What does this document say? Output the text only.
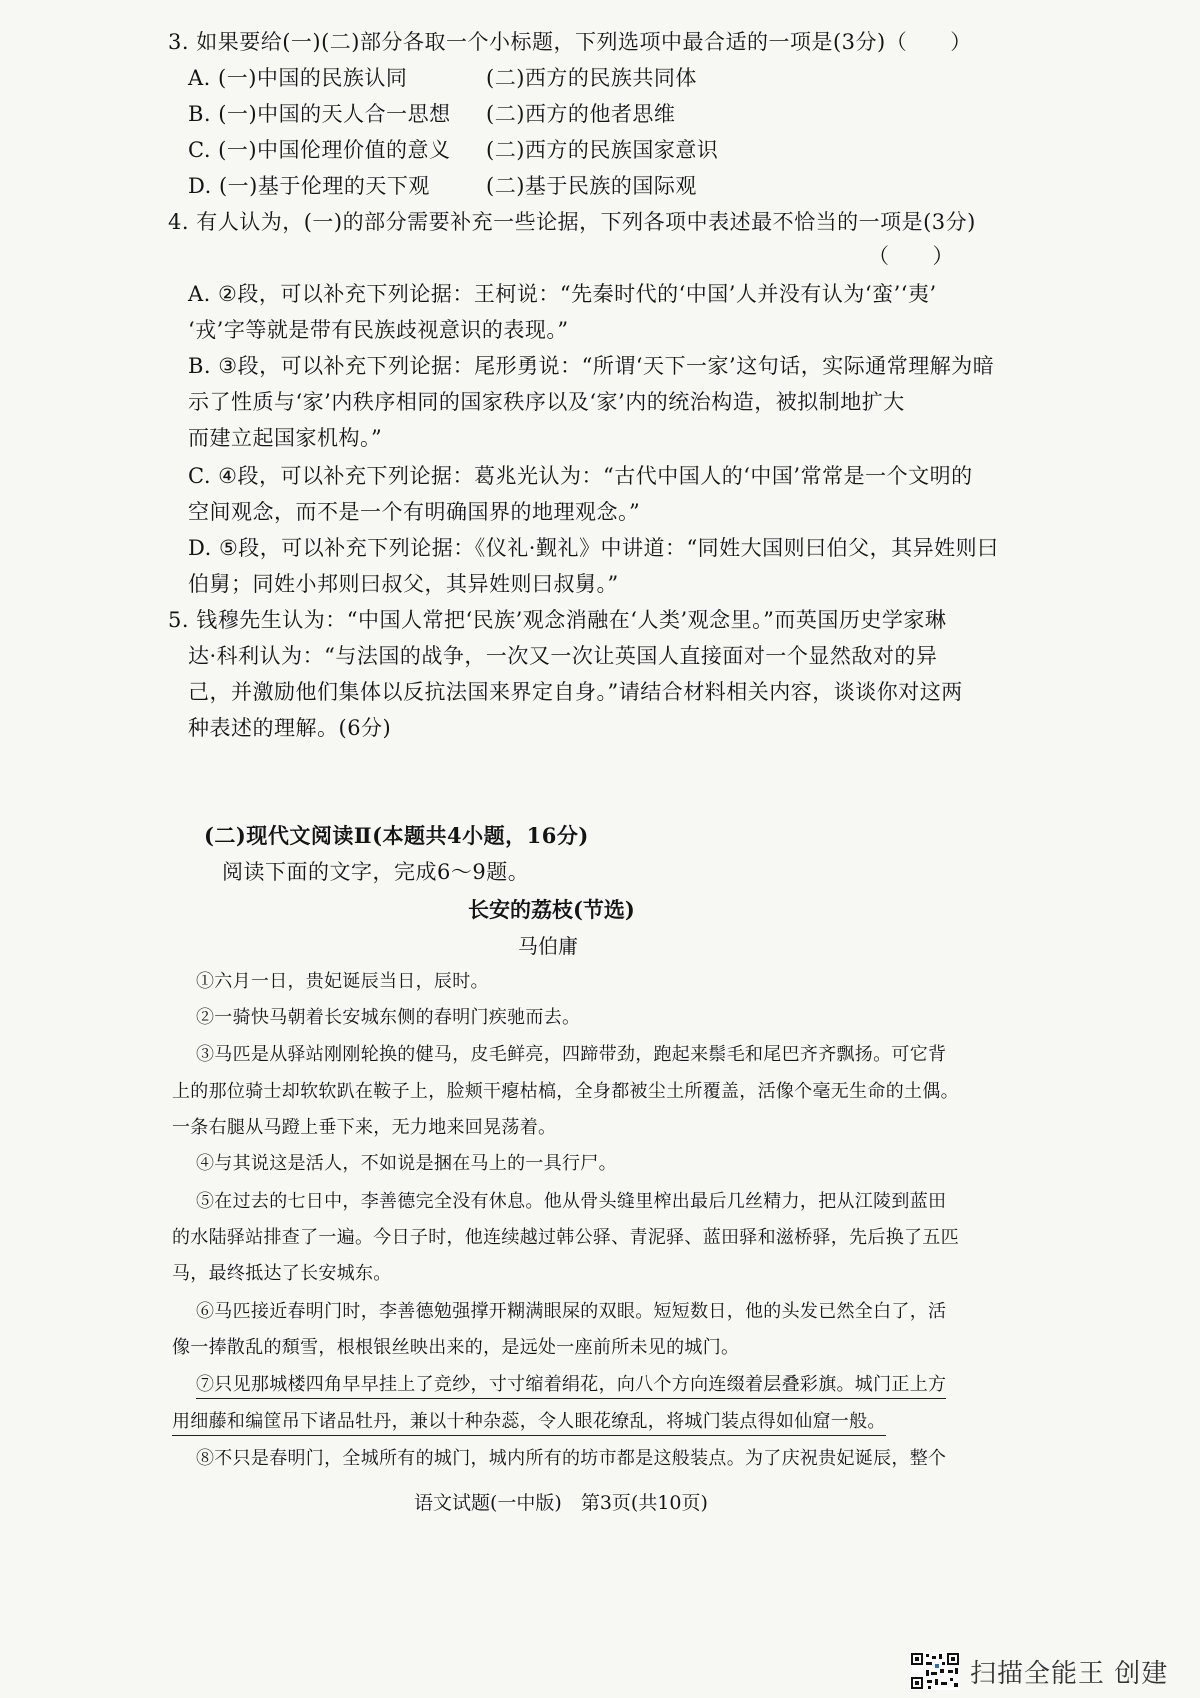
3. 如果要给(一)(二)部分各取一个小标题，下列选项中最合适的一项是(3分)（　　）
A. (一)中国的民族认同	(二)西方的民族共同体
B. (一)中国的天人合一思想 (二)西方的他者思维
C. (一)中国伦理价值的意义 (二)西方的民族国家意识
D. (一)基于伦理的天下观	(二)基于民族的国际观
4. 有人认为，(一)的部分需要补充一些论据，下列各项中表述最不恰当的一项是(3分)
（　　）
A. ②段，可以补充下列论据：王柯说：“先秦时代的‘中国’人并没有认为‘蛮’‘夷’
‘戎’字等就是带有民族歧视意识的表现。”
B. ③段，可以补充下列论据：尾形勇说：“所谓‘天下一家’这句话，实际通常理解为暗
示了性质与‘家’内秩序相同的国家秩序以及‘家’内的统治构造，被拟制地扩大
而建立起国家机构。”
C. ④段，可以补充下列论据：葛兆光认为：“古代中国人的‘中国’常常是一个文明的
空间观念，而不是一个有明确国界的地理观念。”
D. ⑤段，可以补充下列论据：《仪礼·觐礼》中讲道：“同姓大国则曰伯父，其异姓则曰
伯舅；同姓小邦则曰叔父，其异姓则曰叔舅。”
5. 钱穆先生认为：“中国人常把‘民族’观念消融在‘人类’观念里。”而英国历史学家琳
达·科利认为：“与法国的战争，一次又一次让英国人直接面对一个显然敌对的异
己，并激励他们集体以反抗法国来界定自身。”请结合材料相关内容，谈谈你对这两
种表述的理解。(6分)
(二)现代文阅读Ⅱ(本题共4小题，16分)
阅读下面的文字，完成6～9题。
长安的荔枝(节选)
马伯庸
①六月一日，贵妃诞辰当日，辰时。
②一骑快马朝着长安城东侧的春明门疾驰而去。
③马匹是从驿站刚刚轮换的健马，皮毛鲜亮，四蹄带劲，跑起来鬃毛和尾巴齐齐飘扬。可它背
上的那位骑士却软软趴在鞍子上，脸颊干瘪枯槁，全身都被尘土所覆盖，活像个毫无生命的土偶。
一条右腿从马蹬上垂下来，无力地来回晃荡着。
④与其说这是活人，不如说是捆在马上的一具行尸。
⑤在过去的七日中，李善德完全没有休息。他从骨头缝里榨出最后几丝精力，把从江陵到蓝田
的水陆驿站排查了一遍。今日子时，他连续越过韩公驿、青泥驿、蓝田驿和滋桥驿，先后换了五匹
马，最终抵达了长安城东。
⑥马匹接近春明门时，李善德勉强撑开糊满眼屎的双眼。短短数日，他的头发已然全白了，活
像一捧散乱的頹雪，根根银丝映出来的，是远处一座前所未见的城门。
⑦只见那城楼四角早早挂上了竞纱，寸寸缩着绢花，向八个方向连缀着层叠彩旗。城门正上方
用细藤和编筐吊下诸品牡丹，兼以十种杂蕊，令人眼花缭乱，将城门装点得如仙窟一般。
⑧不只是春明门，全城所有的城门，城内所有的坊市都是这般装点。为了庆祝贵妃诞辰，整个
语文试题(一中版)　第3页(共10页)
扫描全能王 创建
